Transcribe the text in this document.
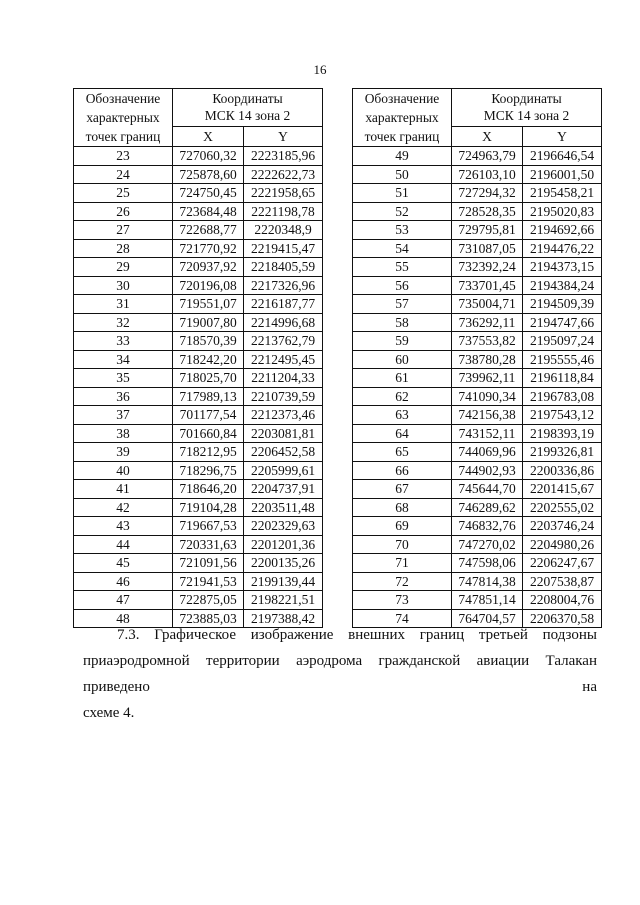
16
Обозначение
характерных
точек границ	Координаты
МСК 14 зона 2	
	X	Y
23	727060,32	2223185,96
24	725878,60	2222622,73
25	724750,45	2221958,65
26	723684,48	2221198,78
27	722688,77	2220348,9
28	721770,92	2219415,47
29	720937,92	2218405,59
30	720196,08	2217326,96
31	719551,07	2216187,77
32	719007,80	2214996,68
33	718570,39	2213762,79
34	718242,20	2212495,45
35	718025,70	2211204,33
36	717989,13	2210739,59
37	701177,54	2212373,46
38	701660,84	2203081,81
39	718212,95	2206452,58
40	718296,75	2205999,61
41	718646,20	2204737,91
42	719104,28	2203511,48
43	719667,53	2202329,63
44	720331,63	2201201,36
45	721091,56	2200135,26
46	721941,53	2199139,44
47	722875,05	2198221,51
48	723885,03	2197388,42
Обозначение
характерных
точек границ	Координаты
МСК 14 зона 2	
	X	Y
49	724963,79	2196646,54
50	726103,10	2196001,50
51	727294,32	2195458,21
52	728528,35	2195020,83
53	729795,81	2194692,66
54	731087,05	2194476,22
55	732392,24	2194373,15
56	733701,45	2194384,24
57	735004,71	2194509,39
58	736292,11	2194747,66
59	737553,82	2195097,24
60	738780,28	2195555,46
61	739962,11	2196118,84
62	741090,34	2196783,08
63	742156,38	2197543,12
64	743152,11	2198393,19
65	744069,96	2199326,81
66	744902,93	2200336,86
67	745644,70	2201415,67
68	746289,62	2202555,02
69	746832,76	2203746,24
70	747270,02	2204980,26
71	747598,06	2206247,67
72	747814,38	2207538,87
73	747851,14	2208004,76
74	764704,57	2206370,58
7.3. Графическое изображение внешних границ третьей подзоны
приаэродромной территории аэродрома гражданской авиации Талакан приведено на
схеме 4.
